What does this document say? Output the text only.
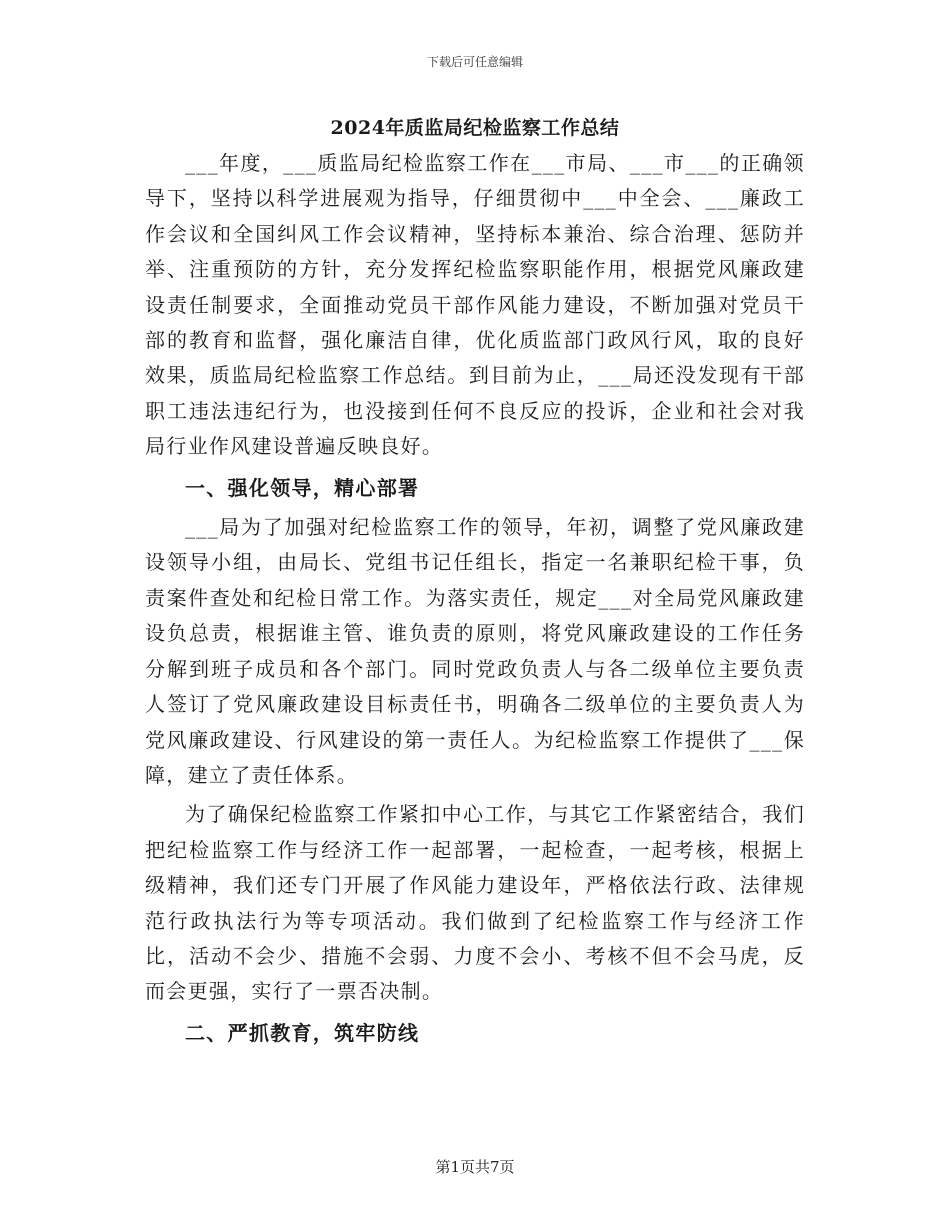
下载后可任意编辑
2024年质监局纪检监察工作总结

___年度，___质监局纪检监察工作在___市局、___市___的正确领导下，坚持以科学进展观为指导，仔细贯彻中___中全会、___廉政工作会议和全国纠风工作会议精神，坚持标本兼治、综合治理、惩防并举、注重预防的方针，充分发挥纪检监察职能作用，根据党风廉政建设责任制要求，全面推动党员干部作风能力建设，不断加强对党员干部的教育和监督，强化廉洁自律，优化质监部门政风行风，取的良好效果，质监局纪检监察工作总结。到目前为止，___局还没发现有干部职工违法违纪行为，也没接到任何不良反应的投诉，企业和社会对我局行业作风建设普遍反映良好。

一、强化领导，精心部署

___局为了加强对纪检监察工作的领导，年初，调整了党风廉政建设领导小组，由局长、党组书记任组长，指定一名兼职纪检干事，负责案件查处和纪检日常工作。为落实责任，规定___对全局党风廉政建设负总责，根据谁主管、谁负责的原则，将党风廉政建设的工作任务分解到班子成员和各个部门。同时党政负责人与各二级单位主要负责人签订了党风廉政建设目标责任书，明确各二级单位的主要负责人为党风廉政建设、行风建设的第一责任人。为纪检监察工作提供了___保障，建立了责任体系。

为了确保纪检监察工作紧扣中心工作，与其它工作紧密结合，我们把纪检监察工作与经济工作一起部署，一起检查，一起考核，根据上级精神，我们还专门开展了作风能力建设年，严格依法行政、法律规范行政执法行为等专项活动。我们做到了纪检监察工作与经济工作比，活动不会少、措施不会弱、力度不会小、考核不但不会马虎，反而会更强，实行了一票否决制。

二、严抓教育，筑牢防线

第1页共7页
